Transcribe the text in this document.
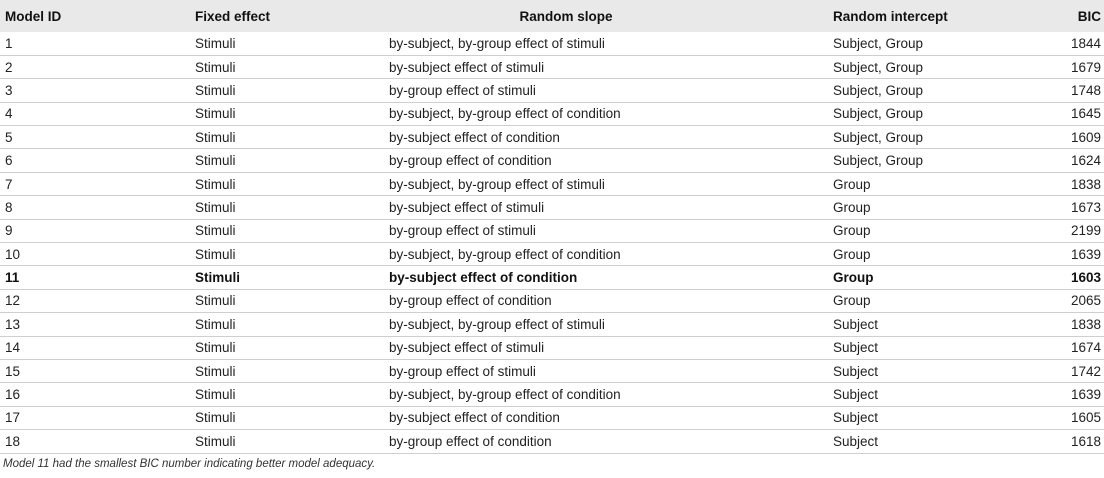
Model ID	Fixed effect	Random slope	Random intercept	BIC
1	Stimuli	by-subject, by-group effect of stimuli	Subject, Group	1844
2	Stimuli	by-subject effect of stimuli	Subject, Group	1679
3	Stimuli	by-group effect of stimuli	Subject, Group	1748
4	Stimuli	by-subject, by-group effect of condition	Subject, Group	1645
5	Stimuli	by-subject effect of condition	Subject, Group	1609
6	Stimuli	by-group effect of condition	Subject, Group	1624
7	Stimuli	by-subject, by-group effect of stimuli	Group	1838
8	Stimuli	by-subject effect of stimuli	Group	1673
9	Stimuli	by-group effect of stimuli	Group	2199
10	Stimuli	by-subject, by-group effect of condition	Group	1639
11	Stimuli	by-subject effect of condition	Group	1603
12	Stimuli	by-group effect of condition	Group	2065
13	Stimuli	by-subject, by-group effect of stimuli	Subject	1838
14	Stimuli	by-subject effect of stimuli	Subject	1674
15	Stimuli	by-group effect of stimuli	Subject	1742
16	Stimuli	by-subject, by-group effect of condition	Subject	1639
17	Stimuli	by-subject effect of condition	Subject	1605
18	Stimuli	by-group effect of condition	Subject	1618
Model 11 had the smallest BIC number indicating better model adequacy.
